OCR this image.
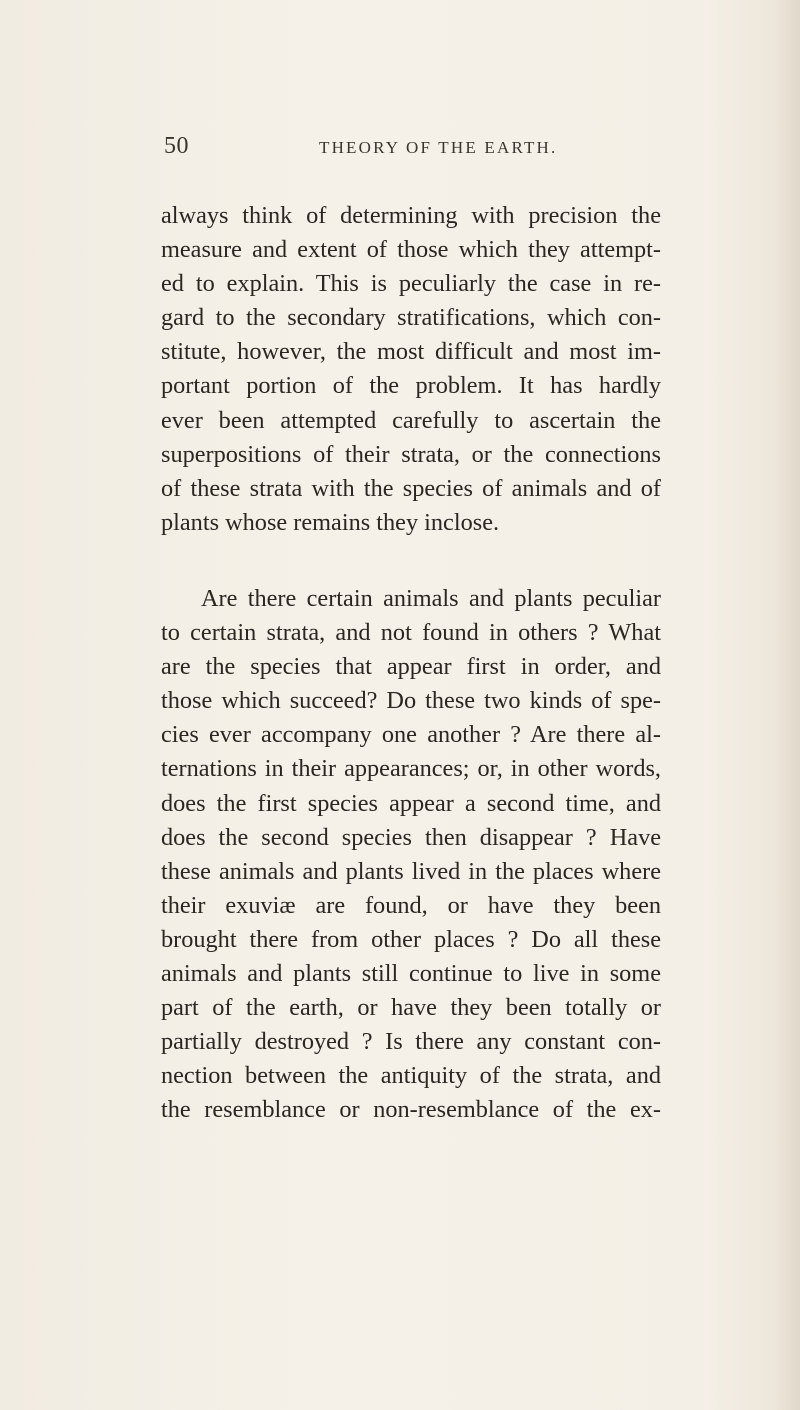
50	THEORY OF THE EARTH.
always think of determining with precision the
measure and extent of those which they attempt-
ed to explain. This is peculiarly the case in re-
gard to the secondary stratifications, which con-
stitute, however, the most difficult and most im-
portant portion of the problem. It has hardly
ever been attempted carefully to ascertain the
superpositions of their strata, or the connections
of these strata with the species of animals and of
plants whose remains they inclose.
Are there certain animals and plants peculiar
to certain strata, and not found in others ? What
are the species that appear first in order, and
those which succeed? Do these two kinds of spe-
cies ever accompany one another ? Are there al-
ternations in their appearances; or, in other words,
does the first species appear a second time, and
does the second species then disappear ? Have
these animals and plants lived in the places where
their exuviæ are found, or have they been
brought there from other places ? Do all these
animals and plants still continue to live in some
part of the earth, or have they been totally or
partially destroyed ? Is there any constant con-
nection between the antiquity of the strata, and
the resemblance or non-resemblance of the ex-
